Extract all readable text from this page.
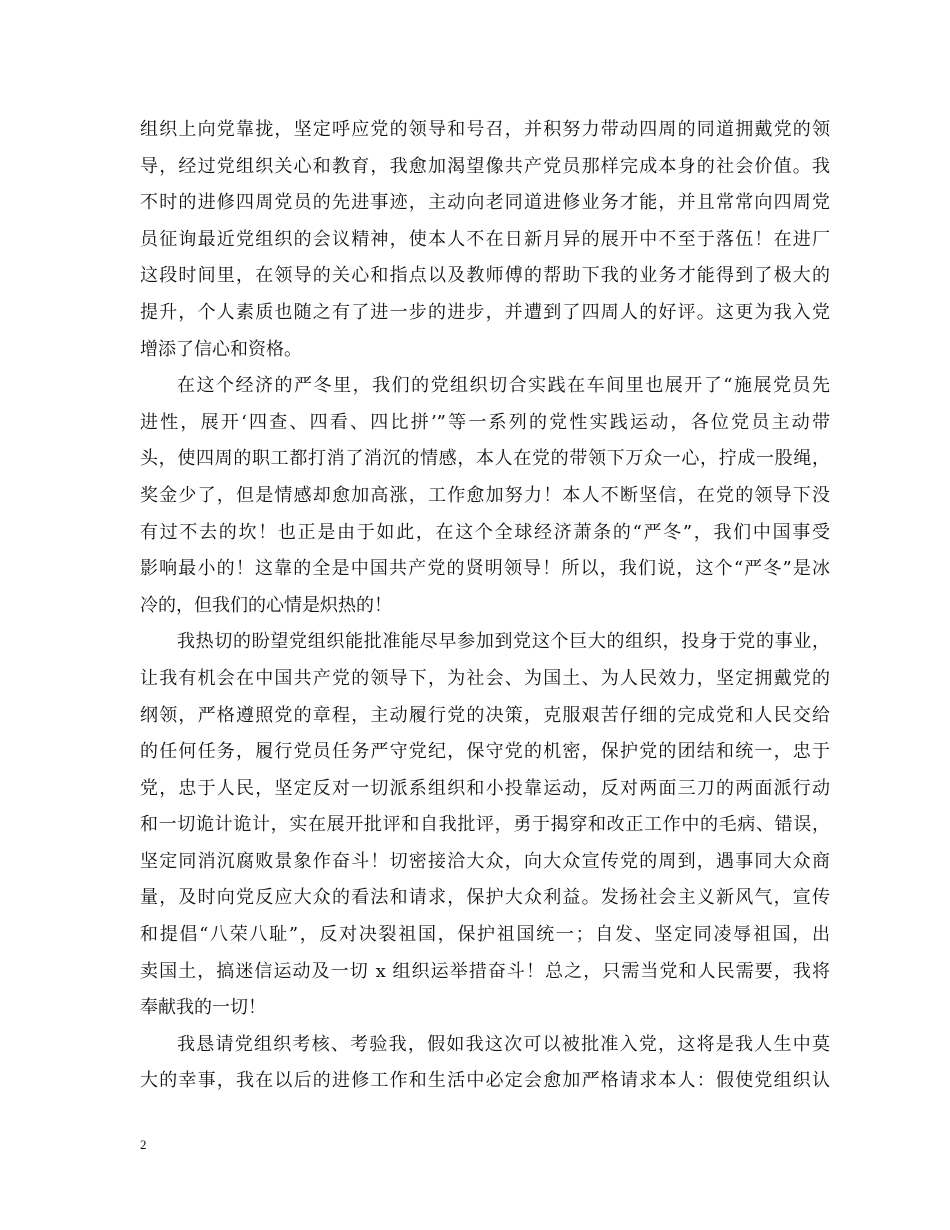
组织上向党靠拢，坚定呼应党的领导和号召，并积努力带动四周的同道拥戴党的领
导，经过党组织关心和教育，我愈加渴望像共产党员那样完成本身的社会价值。我
不时的进修四周党员的先进事迹，主动向老同道进修业务才能，并且常常向四周党
员征询最近党组织的会议精神，使本人不在日新月异的展开中不至于落伍！在进厂
这段时间里，在领导的关心和指点以及教师傅的帮助下我的业务才能得到了极大的
提升，个人素质也随之有了进一步的进步，并遭到了四周人的好评。这更为我入党
增添了信心和资格。
在这个经济的严冬里，我们的党组织切合实践在车间里也展开了“施展党员先
进性，展开‘四查、四看、四比拼’”等一系列的党性实践运动，各位党员主动带
头，使四周的职工都打消了消沉的情感，本人在党的带领下万众一心，拧成一股绳，
奖金少了，但是情感却愈加高涨，工作愈加努力！本人不断坚信，在党的领导下没
有过不去的坎！也正是由于如此，在这个全球经济萧条的“严冬”，我们中国事受
影响最小的！这靠的全是中国共产党的贤明领导！所以，我们说，这个“严冬”是冰
冷的，但我们的心情是炽热的！
我热切的盼望党组织能批准能尽早参加到党这个巨大的组织，投身于党的事业，
让我有机会在中国共产党的领导下，为社会、为国土、为人民效力，坚定拥戴党的
纲领，严格遵照党的章程，主动履行党的决策，克服艰苦仔细的完成党和人民交给
的任何任务，履行党员任务严守党纪，保守党的机密，保护党的团结和统一，忠于
党，忠于人民，坚定反对一切派系组织和小投靠运动，反对两面三刀的两面派行动
和一切诡计诡计，实在展开批评和自我批评，勇于揭穿和改正工作中的毛病、错误，
坚定同消沉腐败景象作奋斗！切密接洽大众，向大众宣传党的周到，遇事同大众商
量，及时向党反应大众的看法和请求，保护大众利益。发扬社会主义新风气，宣传
和提倡“八荣八耻”，反对决裂祖国，保护祖国统一；自发、坚定同凌辱祖国，出
卖国土，搞迷信运动及一切 x 组织运举措奋斗！总之，只需当党和人民需要，我将
奉献我的一切！
我恳请党组织考核、考验我，假如我这次可以被批准入党，这将是我人生中莫
大的幸事，我在以后的进修工作和生活中必定会愈加严格请求本人：假使党组织认
2
